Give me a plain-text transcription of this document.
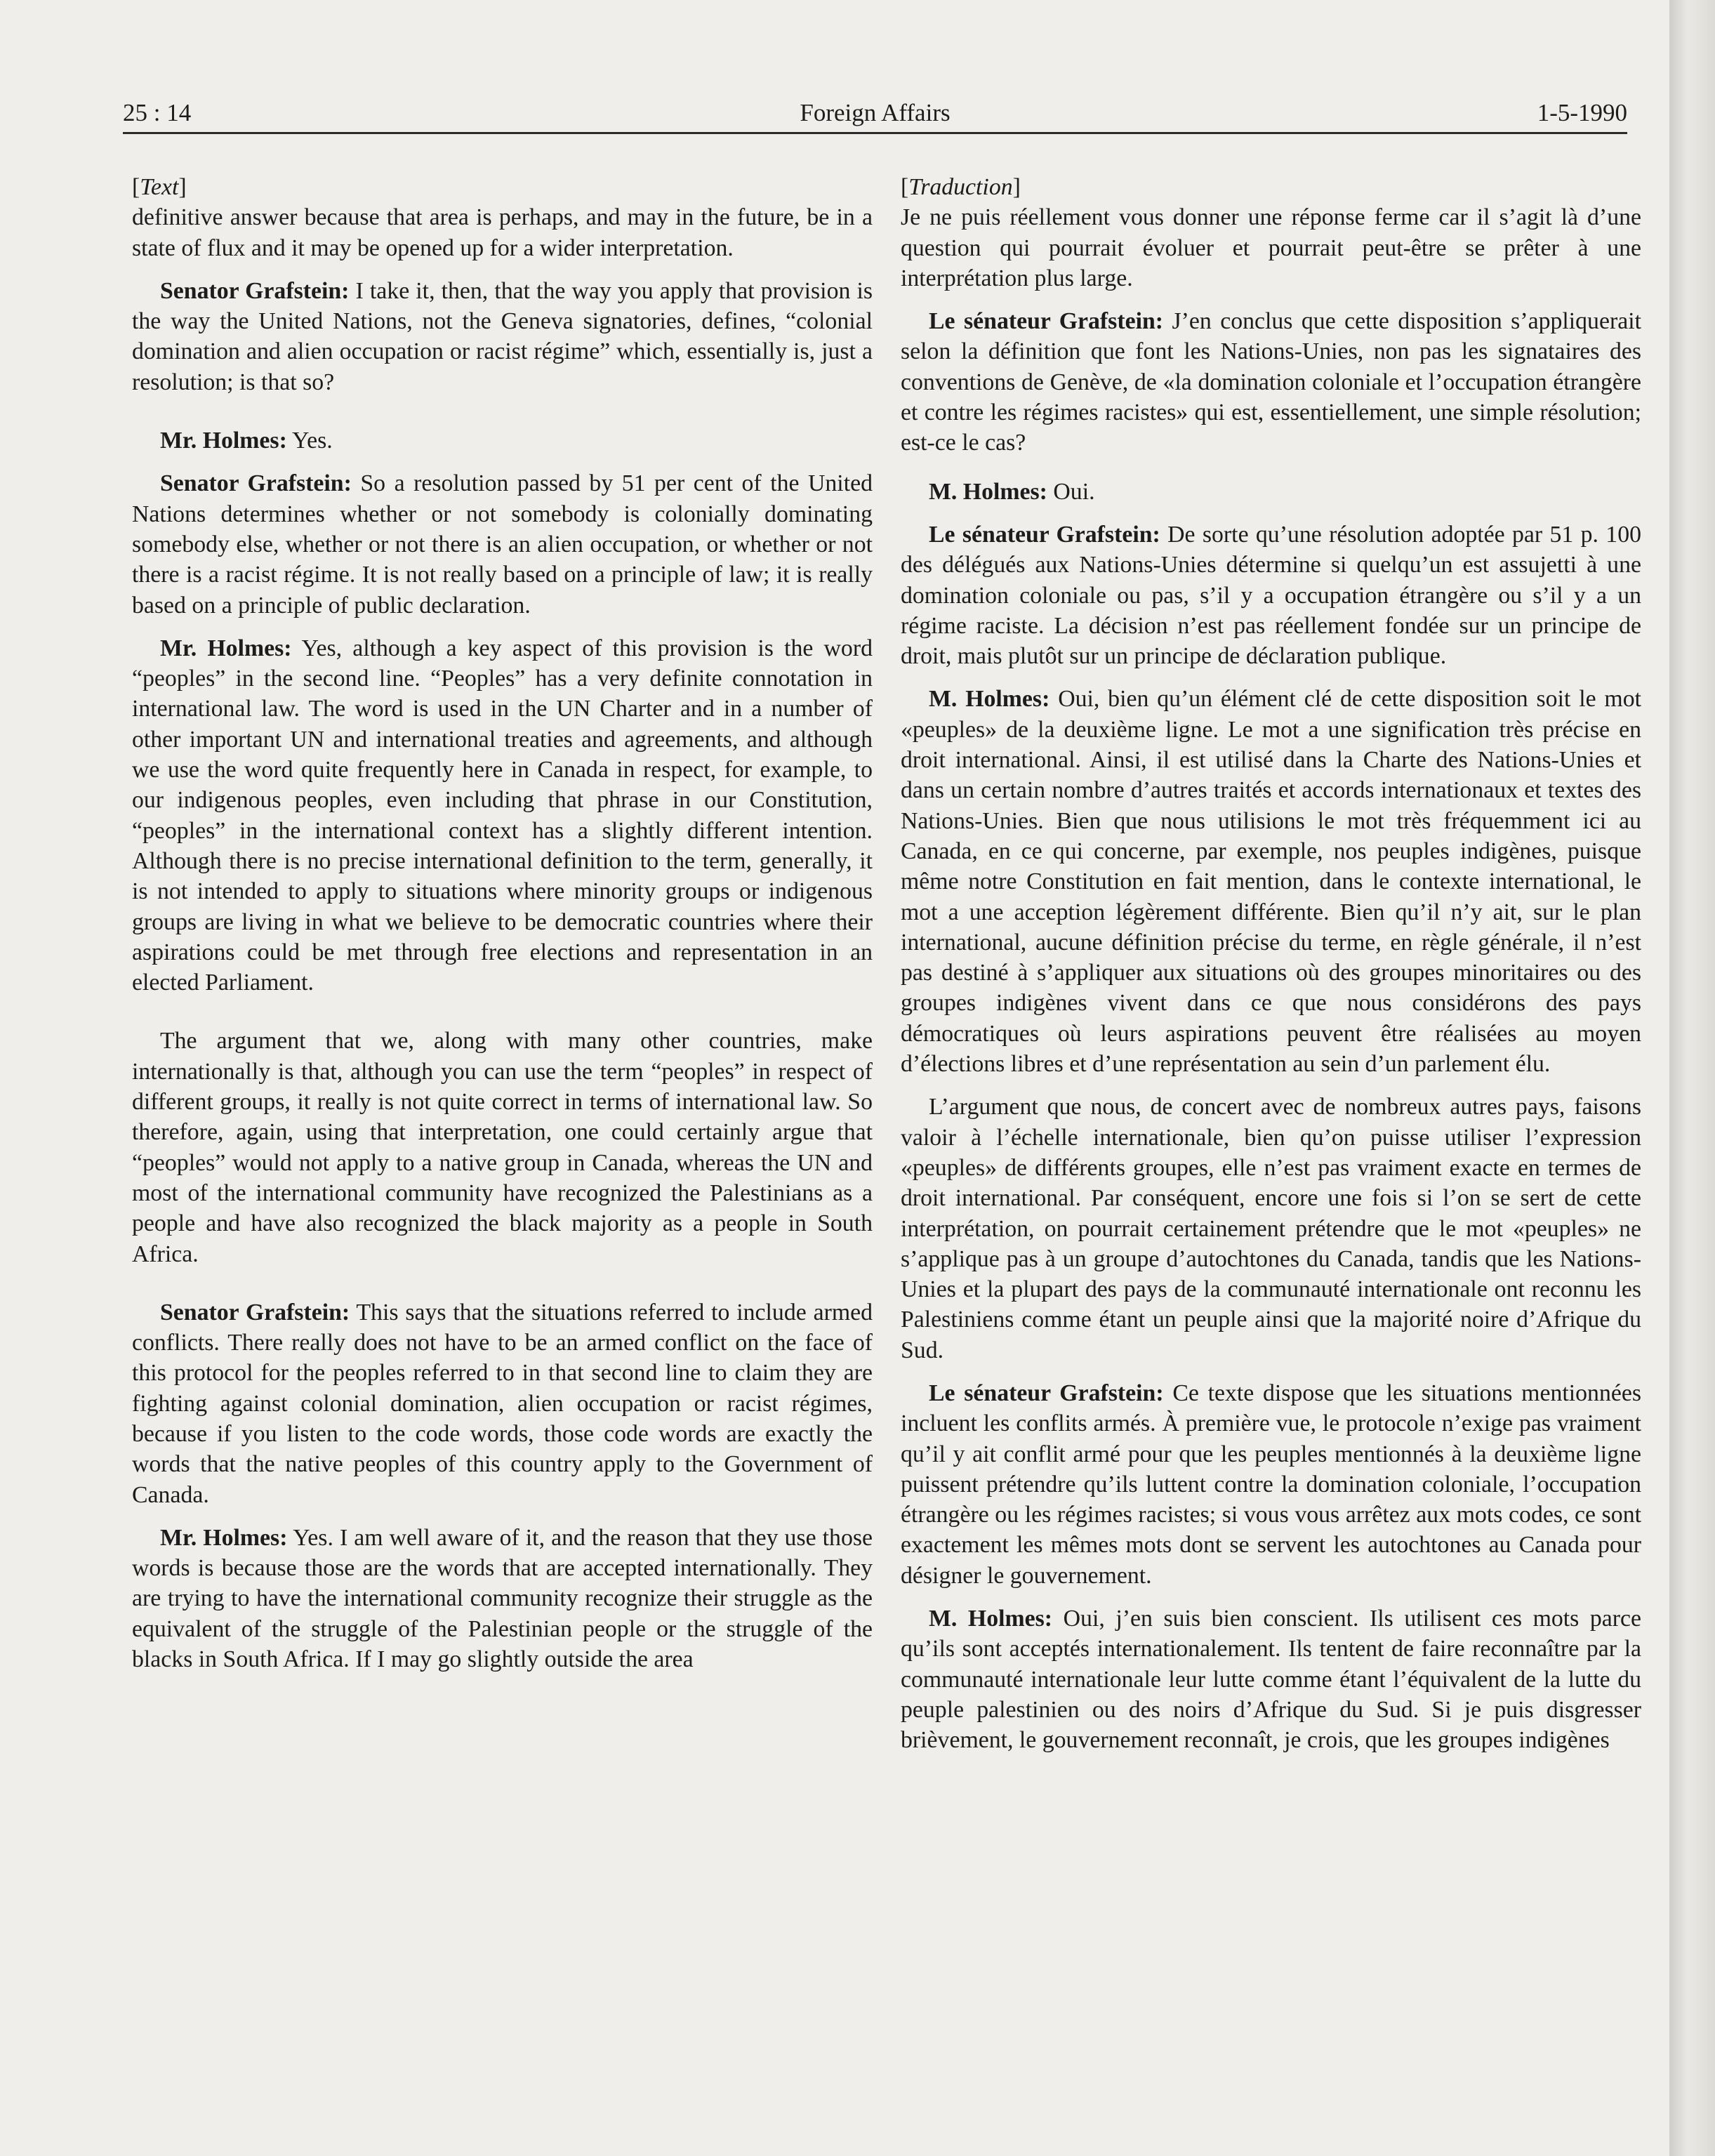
25 : 14	Foreign Affairs	1-5-1990

[Text]

definitive answer because that area is perhaps, and may in the future, be in a state of flux and it may be opened up for a wider interpretation.

Senator Grafstein: I take it, then, that the way you apply that provision is the way the United Nations, not the Geneva signatories, defines, “colonial domination and alien occupation or racist régime” which, essentially is, just a resolution; is that so?

Mr. Holmes: Yes.

Senator Grafstein: So a resolution passed by 51 per cent of the United Nations determines whether or not somebody is colonially dominating somebody else, whether or not there is an alien occupation, or whether or not there is a racist régime. It is not really based on a principle of law; it is really based on a principle of public declaration.

Mr. Holmes: Yes, although a key aspect of this provision is the word “peoples” in the second line. “Peoples” has a very definite connotation in international law. The word is used in the UN Charter and in a number of other important UN and international treaties and agreements, and although we use the word quite frequently here in Canada in respect, for example, to our indigenous peoples, even including that phrase in our Constitution, “peoples” in the international context has a slightly different intention. Although there is no precise international definition to the term, generally, it is not intended to apply to situations where minority groups or indigenous groups are living in what we believe to be democratic countries where their aspirations could be met through free elections and representation in an elected Parliament.

The argument that we, along with many other countries, make internationally is that, although you can use the term “peoples” in respect of different groups, it really is not quite correct in terms of international law. So therefore, again, using that interpretation, one could certainly argue that “peoples” would not apply to a native group in Canada, whereas the UN and most of the international community have recognized the Palestinians as a people and have also recognized the black majority as a people in South Africa.

Senator Grafstein: This says that the situations referred to include armed conflicts. There really does not have to be an armed conflict on the face of this protocol for the peoples referred to in that second line to claim they are fighting against colonial domination, alien occupation or racist régimes, because if you listen to the code words, those code words are exactly the words that the native peoples of this country apply to the Government of Canada.

Mr. Holmes: Yes. I am well aware of it, and the reason that they use those words is because those are the words that are accepted internationally. They are trying to have the international community recognize their struggle as the equivalent of the struggle of the Palestinian people or the struggle of the blacks in South Africa. If I may go slightly outside the area

[Traduction]

Je ne puis réellement vous donner une réponse ferme car il s’agit là d’une question qui pourrait évoluer et pourrait peut-être se prêter à une interprétation plus large.

Le sénateur Grafstein: J’en conclus que cette disposition s’appliquerait selon la définition que font les Nations-Unies, non pas les signataires des conventions de Genève, de «la domination coloniale et l’occupation étrangère et contre les régimes racistes» qui est, essentiellement, une simple résolution; est-ce le cas?

M. Holmes: Oui.

Le sénateur Grafstein: De sorte qu’une résolution adoptée par 51 p. 100 des délégués aux Nations-Unies détermine si quelqu’un est assujetti à une domination coloniale ou pas, s’il y a occupation étrangère ou s’il y a un régime raciste. La décision n’est pas réellement fondée sur un principe de droit, mais plutôt sur un principe de déclaration publique.

M. Holmes: Oui, bien qu’un élément clé de cette disposition soit le mot «peuples» de la deuxième ligne. Le mot a une signification très précise en droit international. Ainsi, il est utilisé dans la Charte des Nations-Unies et dans un certain nombre d’autres traités et accords internationaux et textes des Nations-Unies. Bien que nous utilisions le mot très fréquemment ici au Canada, en ce qui concerne, par exemple, nos peuples indigènes, puisque même notre Constitution en fait mention, dans le contexte international, le mot a une acception légèrement différente. Bien qu’il n’y ait, sur le plan international, aucune définition précise du terme, en règle générale, il n’est pas destiné à s’appliquer aux situations où des groupes minoritaires ou des groupes indigènes vivent dans ce que nous considérons des pays démocratiques où leurs aspirations peuvent être réalisées au moyen d’élections libres et d’une représentation au sein d’un parlement élu.

L’argument que nous, de concert avec de nombreux autres pays, faisons valoir à l’échelle internationale, bien qu’on puisse utiliser l’expression «peuples» de différents groupes, elle n’est pas vraiment exacte en termes de droit international. Par conséquent, encore une fois si l’on se sert de cette interprétation, on pourrait certainement prétendre que le mot «peuples» ne s’applique pas à un groupe d’autochtones du Canada, tandis que les Nations-Unies et la plupart des pays de la communauté internationale ont reconnu les Palestiniens comme étant un peuple ainsi que la majorité noire d’Afrique du Sud.

Le sénateur Grafstein: Ce texte dispose que les situations mentionnées incluent les conflits armés. À première vue, le protocole n’exige pas vraiment qu’il y ait conflit armé pour que les peuples mentionnés à la deuxième ligne puissent prétendre qu’ils luttent contre la domination coloniale, l’occupation étrangère ou les régimes racistes; si vous vous arrêtez aux mots codes, ce sont exactement les mêmes mots dont se servent les autochtones au Canada pour désigner le gouvernement.

M. Holmes: Oui, j’en suis bien conscient. Ils utilisent ces mots parce qu’ils sont acceptés internationalement. Ils tentent de faire reconnaître par la communauté internationale leur lutte comme étant l’équivalent de la lutte du peuple palestinien ou des noirs d’Afrique du Sud. Si je puis disgresser brièvement, le gouvernement reconnaît, je crois, que les groupes indigènes
